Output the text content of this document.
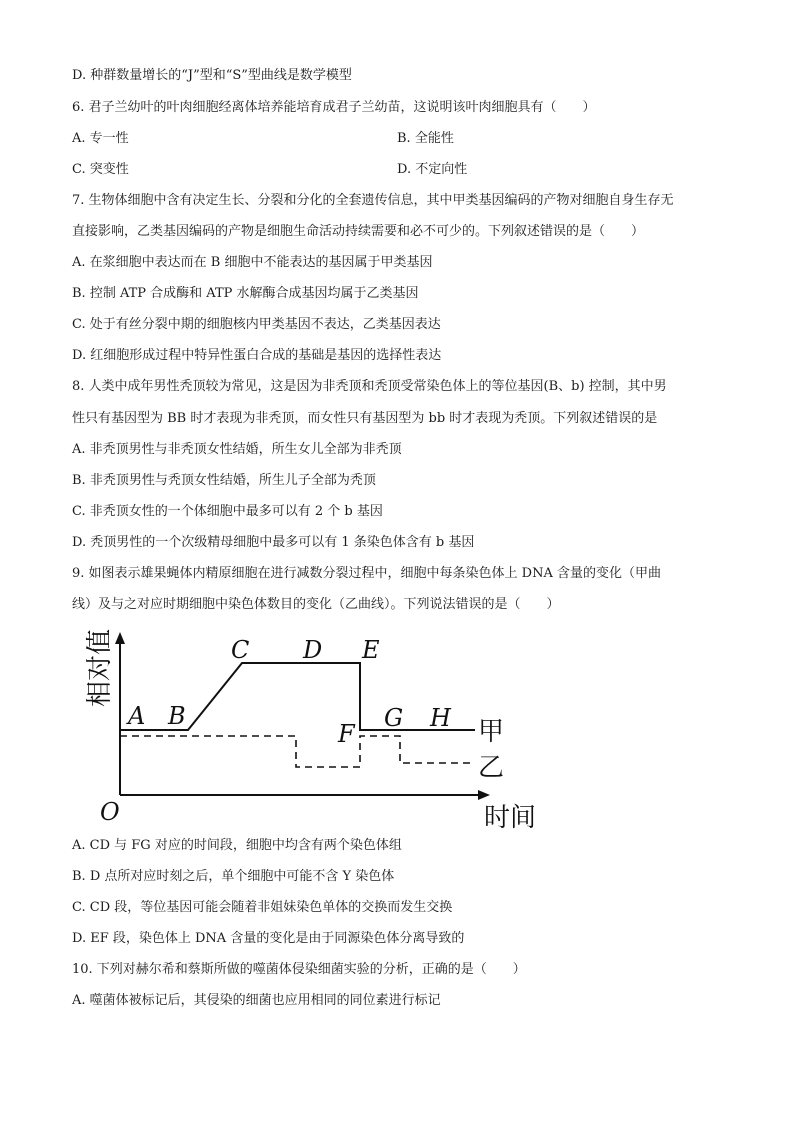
D. 种群数量增长的“J”型和“S”型曲线是数学模型
6. 君子兰幼叶的叶肉细胞经离体培养能培育成君子兰幼苗，这说明该叶肉细胞具有（　　）
A. 专一性	B. 全能性
C. 突变性	D. 不定向性
7. 生物体细胞中含有决定生长、分裂和分化的全套遗传信息，其中甲类基因编码的产物对细胞自身生存无
直接影响，乙类基因编码的产物是细胞生命活动持续需要和必不可少的。下列叙述错误的是（　　）
A. 在浆细胞中表达而在 B 细胞中不能表达的基因属于甲类基因
B. 控制 ATP 合成酶和 ATP 水解酶合成基因均属于乙类基因
C. 处于有丝分裂中期的细胞核内甲类基因不表达，乙类基因表达
D. 红细胞形成过程中特异性蛋白合成的基础是基因的选择性表达
8. 人类中成年男性秃顶较为常见，这是因为非秃顶和秃顶受常染色体上的等位基因(B、b) 控制，其中男
性只有基因型为 BB 时才表现为非秃顶，而女性只有基因型为 bb 时才表现为秃顶。下列叙述错误的是
A. 非秃顶男性与非秃顶女性结婚，所生女儿全部为非秃顶
B. 非秃顶男性与秃顶女性结婚，所生儿子全部为秃顶
C. 非秃顶女性的一个体细胞中最多可以有 2 个 b 基因
D. 秃顶男性的一个次级精母细胞中最多可以有 1 条染色体含有 b 基因
9. 如图表示雄果蝇体内精原细胞在进行减数分裂过程中，细胞中每条染色体上 DNA 含量的变化（甲曲
线）及与之对应时期细胞中染色体数目的变化（乙曲线）。下列说法错误的是（　　）
相对值
时间
O
A B
C D E
F
G H 甲
乙
A. CD 与 FG 对应的时间段，细胞中均含有两个染色体组
B. D 点所对应时刻之后，单个细胞中可能不含 Y 染色体
C. CD 段，等位基因可能会随着非姐妹染色单体的交换而发生交换
D. EF 段，染色体上 DNA 含量的变化是由于同源染色体分离导致的
10. 下列对赫尔希和蔡斯所做的噬菌体侵染细菌实验的分析，正确的是（　　）
A. 噬菌体被标记后，其侵染的细菌也应用相同的同位素进行标记
